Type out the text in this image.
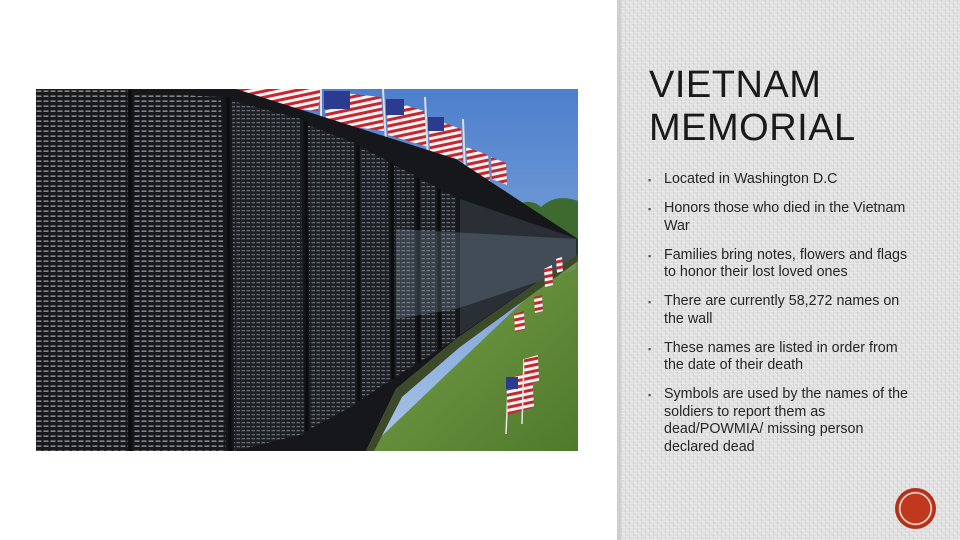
VIETNAM
MEMORIAL
▪ Located in Washington D.C
▪ Honors those who died in the Vietnam War
▪ Families bring notes, flowers and flags to honor their lost loved ones
▪ There are currently 58,272 names on the wall
▪ These names are listed in order from the date of their death
▪ Symbols are used by the names of the soldiers to report them as dead/POWMIA/ missing person declared dead
